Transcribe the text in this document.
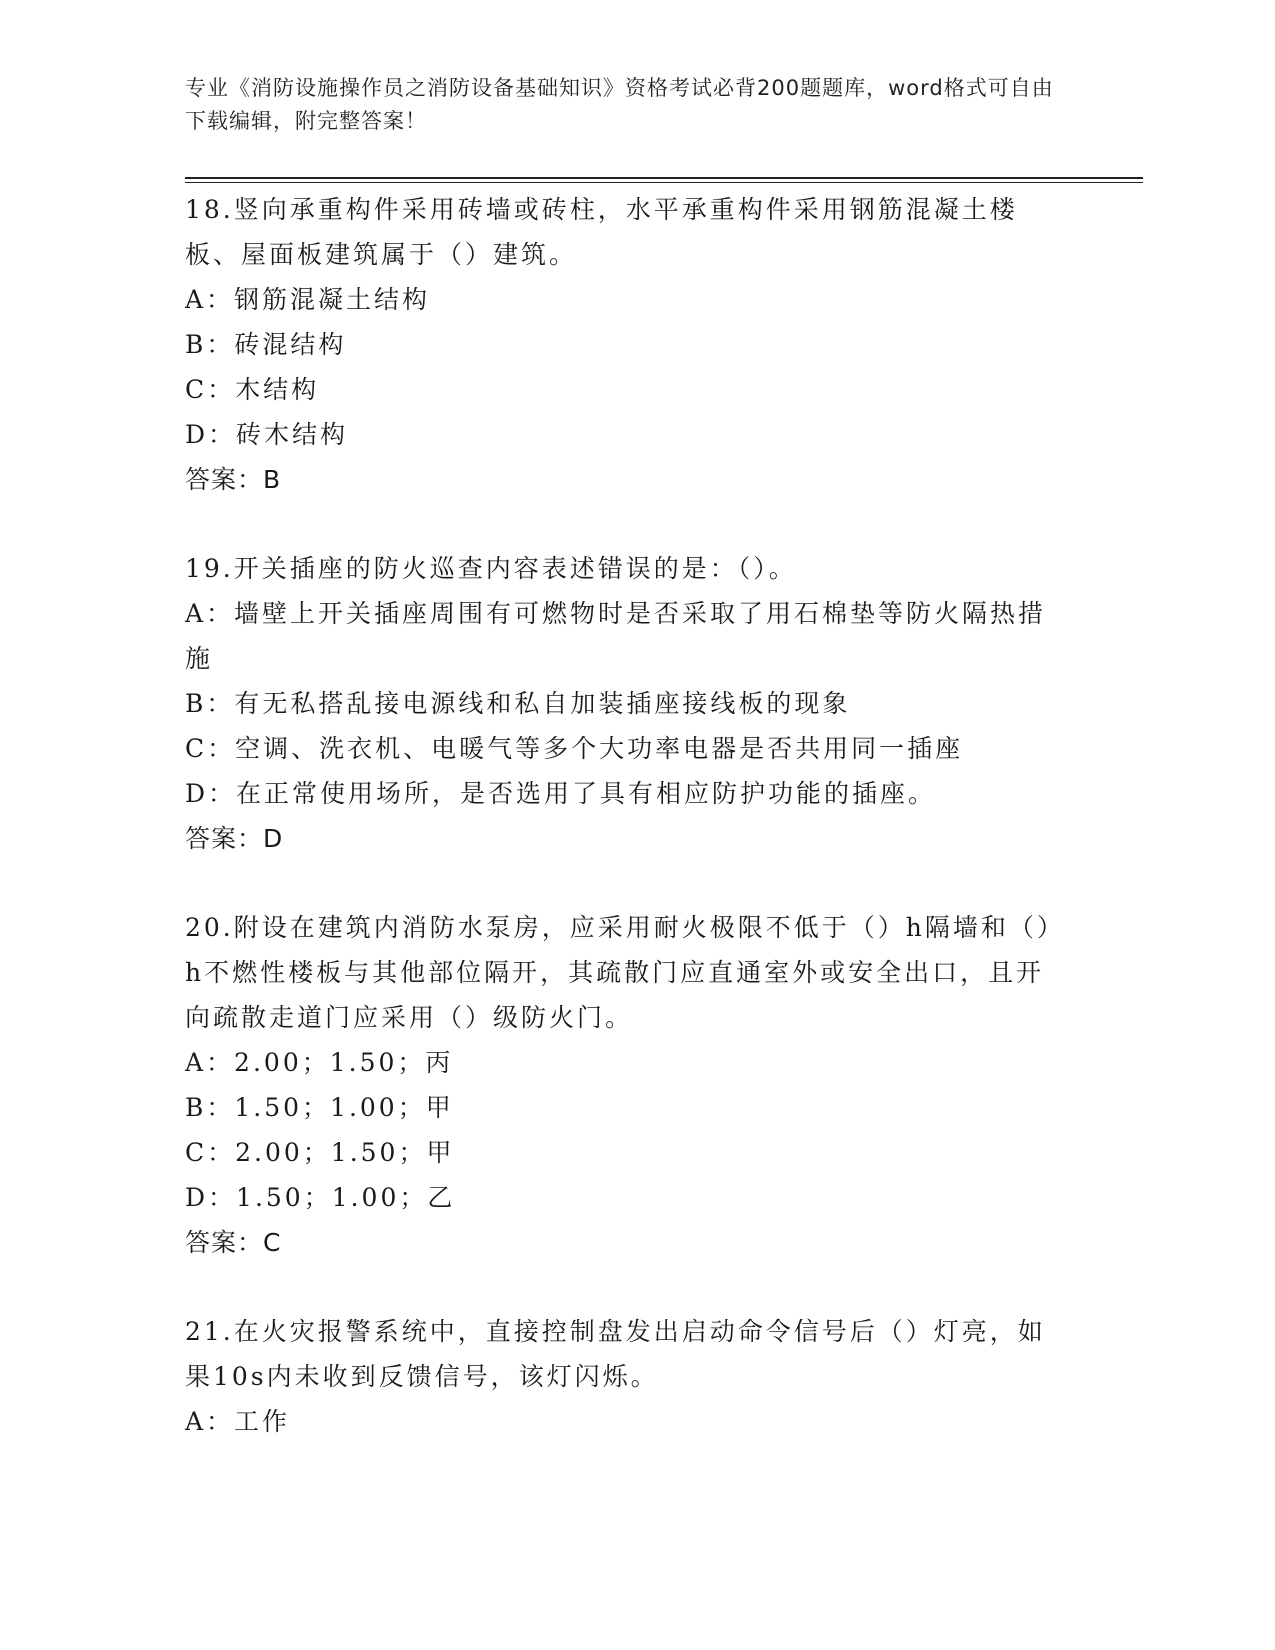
专业《消防设施操作员之消防设备基础知识》资格考试必背200题题库，word格式可自由下载编辑，附完整答案！
18.竖向承重构件采用砖墙或砖柱，水平承重构件采用钢筋混凝土楼板、屋面板建筑属于（）建筑。
A：钢筋混凝土结构
B：砖混结构
C：木结构
D：砖木结构
答案：B
19.开关插座的防火巡查内容表述错误的是：（）。
A：墙壁上开关插座周围有可燃物时是否采取了用石棉垫等防火隔热措施
B：有无私搭乱接电源线和私自加装插座接线板的现象
C：空调、洗衣机、电暖气等多个大功率电器是否共用同一插座
D：在正常使用场所，是否选用了具有相应防护功能的插座。
答案：D
20.附设在建筑内消防水泵房，应采用耐火极限不低于（）h隔墙和（）h不燃性楼板与其他部位隔开，其疏散门应直通室外或安全出口，且开向疏散走道门应采用（）级防火门。
A：2.00；1.50；丙
B：1.50；1.00；甲
C：2.00；1.50；甲
D：1.50；1.00；乙
答案：C
21.在火灾报警系统中，直接控制盘发出启动命令信号后（）灯亮，如果10s内未收到反馈信号，该灯闪烁。
A：工作
